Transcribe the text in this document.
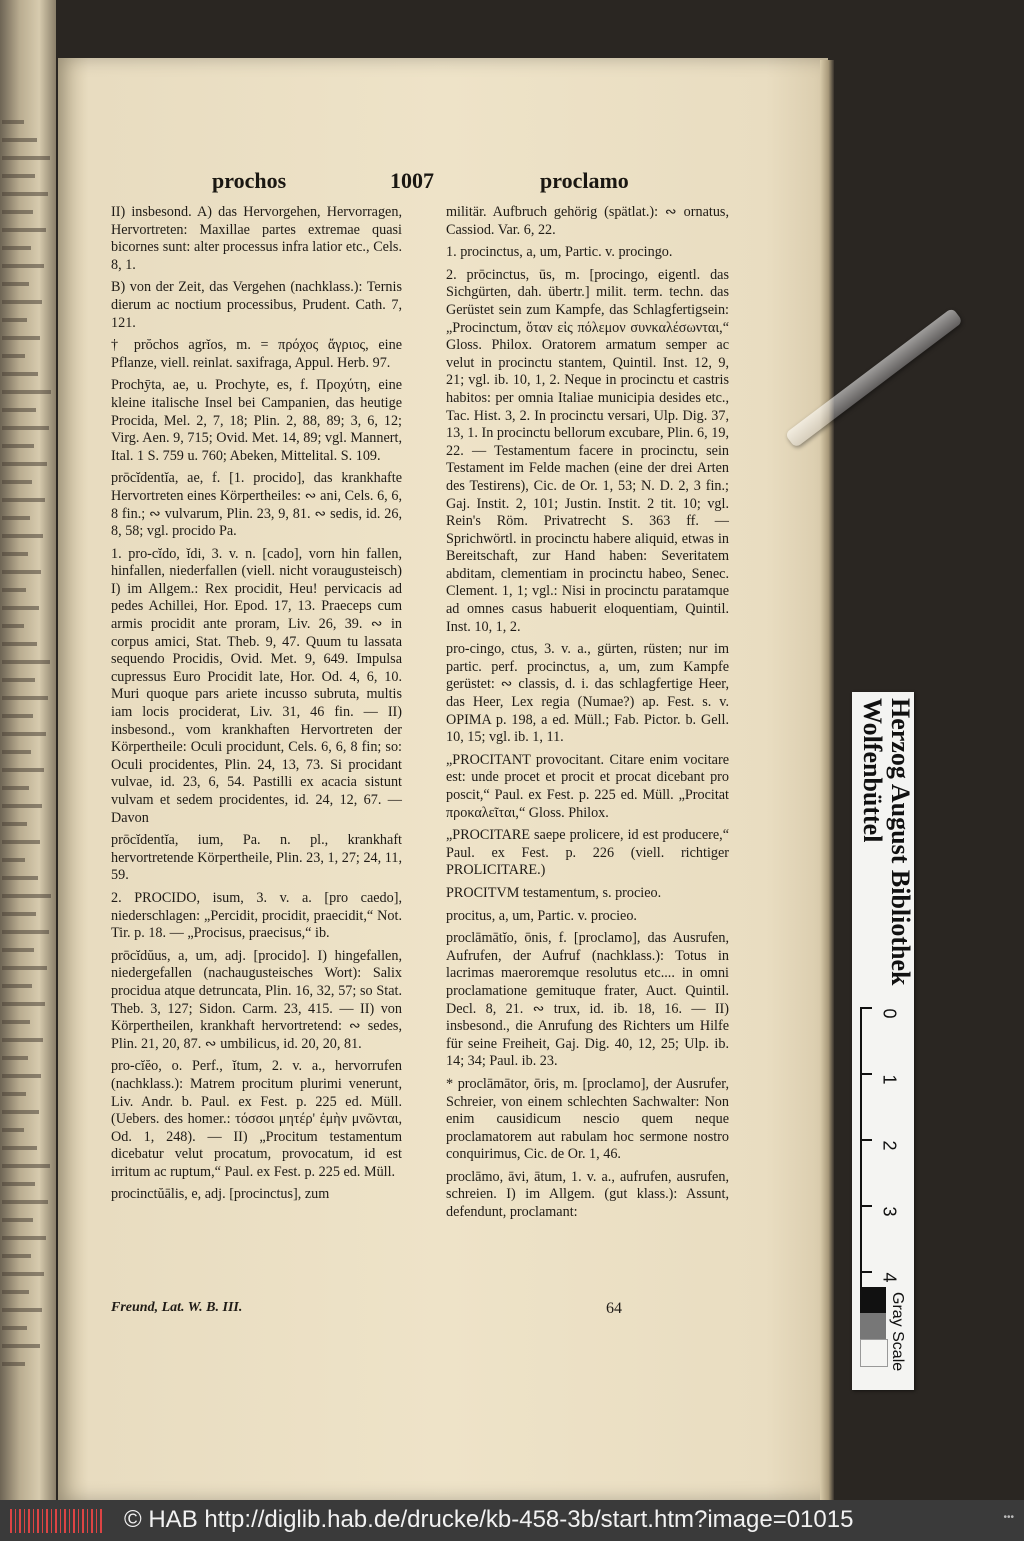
prochos	1007	proclamo

II) insbesond. A) das Hervorgehen, Hervorragen, Hervortreten: Maxillae partes extremae quasi bicornes sunt: alter processus infra latior etc., Cels. 8, 1.

B) von der Zeit, das Vergehen (nachklass.): Ternis dierum ac noctium processibus, Prudent. Cath. 7, 121.

† prŏchos agrĭos, m. = πρόχος ἄγριος, eine Pflanze, viell. reinlat. saxifraga, Appul. Herb. 97.

Prochȳta, ae, u. Prochyte, es, f. Προχύτη, eine kleine italische Insel bei Campanien, das heutige Procida, Mel. 2, 7, 18; Plin. 2, 88, 89; 3, 6, 12; Virg. Aen. 9, 715; Ovid. Met. 14, 89; vgl. Mannert, Ital. 1 S. 759 u. 760; Abeken, Mittelital. S. 109.

prōcĭdentĭa, ae, f. [1. procido], das krankhafte Hervortreten eines Körpertheiles: ∾ ani, Cels. 6, 6, 8 fin.; ∾ vulvarum, Plin. 23, 9, 81. ∾ sedis, id. 26, 8, 58; vgl. procido Pa.

1. pro-cĭdo, ĭdi, 3. v. n. [cado], vorn hin fallen, hinfallen, niederfallen (viell. nicht voraugusteisch) I) im Allgem.: Rex procidit, Heu! pervicacis ad pedes Achillei, Hor. Epod. 17, 13. Praeceps cum armis procidit ante proram, Liv. 26, 39. ∾ in corpus amici, Stat. Theb. 9, 47. Quum tu lassata sequendo Procidis, Ovid. Met. 9, 649. Impulsa cupressus Euro Procidit late, Hor. Od. 4, 6, 10. Muri quoque pars ariete incusso subruta, multis iam locis prociderat, Liv. 31, 46 fin. — II) insbesond., vom krankhaften Hervortreten der Körpertheile: Oculi procidunt, Cels. 6, 6, 8 fin; so: Oculi procidentes, Plin. 24, 13, 73. Si procidant vulvae, id. 23, 6, 54. Pastilli ex acacia sistunt vulvam et sedem procidentes, id. 24, 12, 67. — Davon

prōcĭdentĭa, ium, Pa. n. pl., krankhaft hervortretende Körpertheile, Plin. 23, 1, 27; 24, 11, 59.

2. PROCIDO, isum, 3. v. a. [pro caedo], niederschlagen: „Percidit, procidit, praecidit,“ Not. Tir. p. 18. — „Procisus, praecisus,“ ib.

prōcĭdŭus, a, um, adj. [procido]. I) hingefallen, niedergefallen (nachaugusteisches Wort): Salix procidua atque detruncata, Plin. 16, 32, 57; so Stat. Theb. 3, 127; Sidon. Carm. 23, 415. — II) von Körpertheilen, krankhaft hervortretend: ∾ sedes, Plin. 21, 20, 87. ∾ umbilicus, id. 20, 20, 81.

pro-cĭĕo, o. Perf., ĭtum, 2. v. a., hervorrufen (nachklass.): Matrem procitum plurimi venerunt, Liv. Andr. b. Paul. ex Fest. p. 225 ed. Müll. (Uebers. des homer.: τόσσοι μητέρ' ἐμὴν μνῶνται, Od. 1, 248). — II) „Procitum testamentum dicebatur velut procatum, provocatum, id est irritum ac ruptum,“ Paul. ex Fest. p. 225 ed. Müll.

procinctŭālis, e, adj. [procinctus], zum

militär. Aufbruch gehörig (spätlat.): ∾ ornatus, Cassiod. Var. 6, 22.

1. procinctus, a, um, Partic. v. procingo.

2. prōcinctus, ūs, m. [procingo, eigentl. das Sichgürten, dah. übertr.] milit. term. techn. das Gerüstet sein zum Kampfe, das Schlagfertigsein: „Procinctum, ὅταν εἰς πόλεμον συνκαλέσωνται,“ Gloss. Philox. Oratorem armatum semper ac velut in procinctu stantem, Quintil. Inst. 12, 9, 21; vgl. ib. 10, 1, 2. Neque in procinctu et castris habitos: per omnia Italiae municipia desides etc., Tac. Hist. 3, 2. In procinctu versari, Ulp. Dig. 37, 13, 1. In procinctu bellorum excubare, Plin. 6, 19, 22. — Testamentum facere in procinctu, sein Testament im Felde machen (eine der drei Arten des Testirens), Cic. de Or. 1, 53; N. D. 2, 3 fin.; Gaj. Instit. 2, 101; Justin. Instit. 2 tit. 10; vgl. Rein's Röm. Privatrecht S. 363 ff. — Sprichwörtl. in procinctu habere aliquid, etwas in Bereitschaft, zur Hand haben: Severitatem abditam, clementiam in procinctu habeo, Senec. Clement. 1, 1; vgl.: Nisi in procinctu paratamque ad omnes casus habuerit eloquentiam, Quintil. Inst. 10, 1, 2.

pro-cingo, ctus, 3. v. a., gürten, rüsten; nur im partic. perf. procinctus, a, um, zum Kampfe gerüstet: ∾ classis, d. i. das schlagfertige Heer, das Heer, Lex regia (Numae?) ap. Fest. s. v. OPIMA p. 198, a ed. Müll.; Fab. Pictor. b. Gell. 10, 15; vgl. ib. 1, 11.

„PROCITANT provocitant. Citare enim vocitare est: unde procet et procit et procat dicebant pro poscit,“ Paul. ex Fest. p. 225 ed. Müll. „Procitat προκαλεῖται,“ Gloss. Philox.

„PROCITARE saepe prolicere, id est producere,“ Paul. ex Fest. p. 226 (viell. richtiger PROLICITARE.)

PROCITVM testamentum, s. procieo.

procitus, a, um, Partic. v. procieo.

proclāmātĭo, ōnis, f. [proclamo], das Ausrufen, Aufrufen, der Aufruf (nachklass.): Totus in lacrimas maeroremque resolutus etc.... in omni proclamatione gemituque frater, Auct. Quintil. Decl. 8, 21. ∾ trux, id. ib. 18, 16. — II) insbesond., die Anrufung des Richters um Hilfe für seine Freiheit, Gaj. Dig. 40, 12, 25; Ulp. ib. 14; 34; Paul. ib. 23.

* proclāmātor, ōris, m. [proclamo], der Ausrufer, Schreier, von einem schlechten Sachwalter: Non enim causidicum nescio quem neque proclamatorem aut rabulam hoc sermone nostro conquirimus, Cic. de Or. 1, 46.

proclāmo, āvi, ātum, 1. v. a., aufrufen, ausrufen, schreien. I) im Allgem. (gut klass.): Assunt, defendunt, proclamant:

Freund, Lat. W. B. III.	64
Herzog August Bibliothek
Wolfenbüttel
0
1
2
3
4
Gray Scale
© HAB http://diglib.hab.de/drucke/kb-458-3b/start.htm?image=01015	•••
